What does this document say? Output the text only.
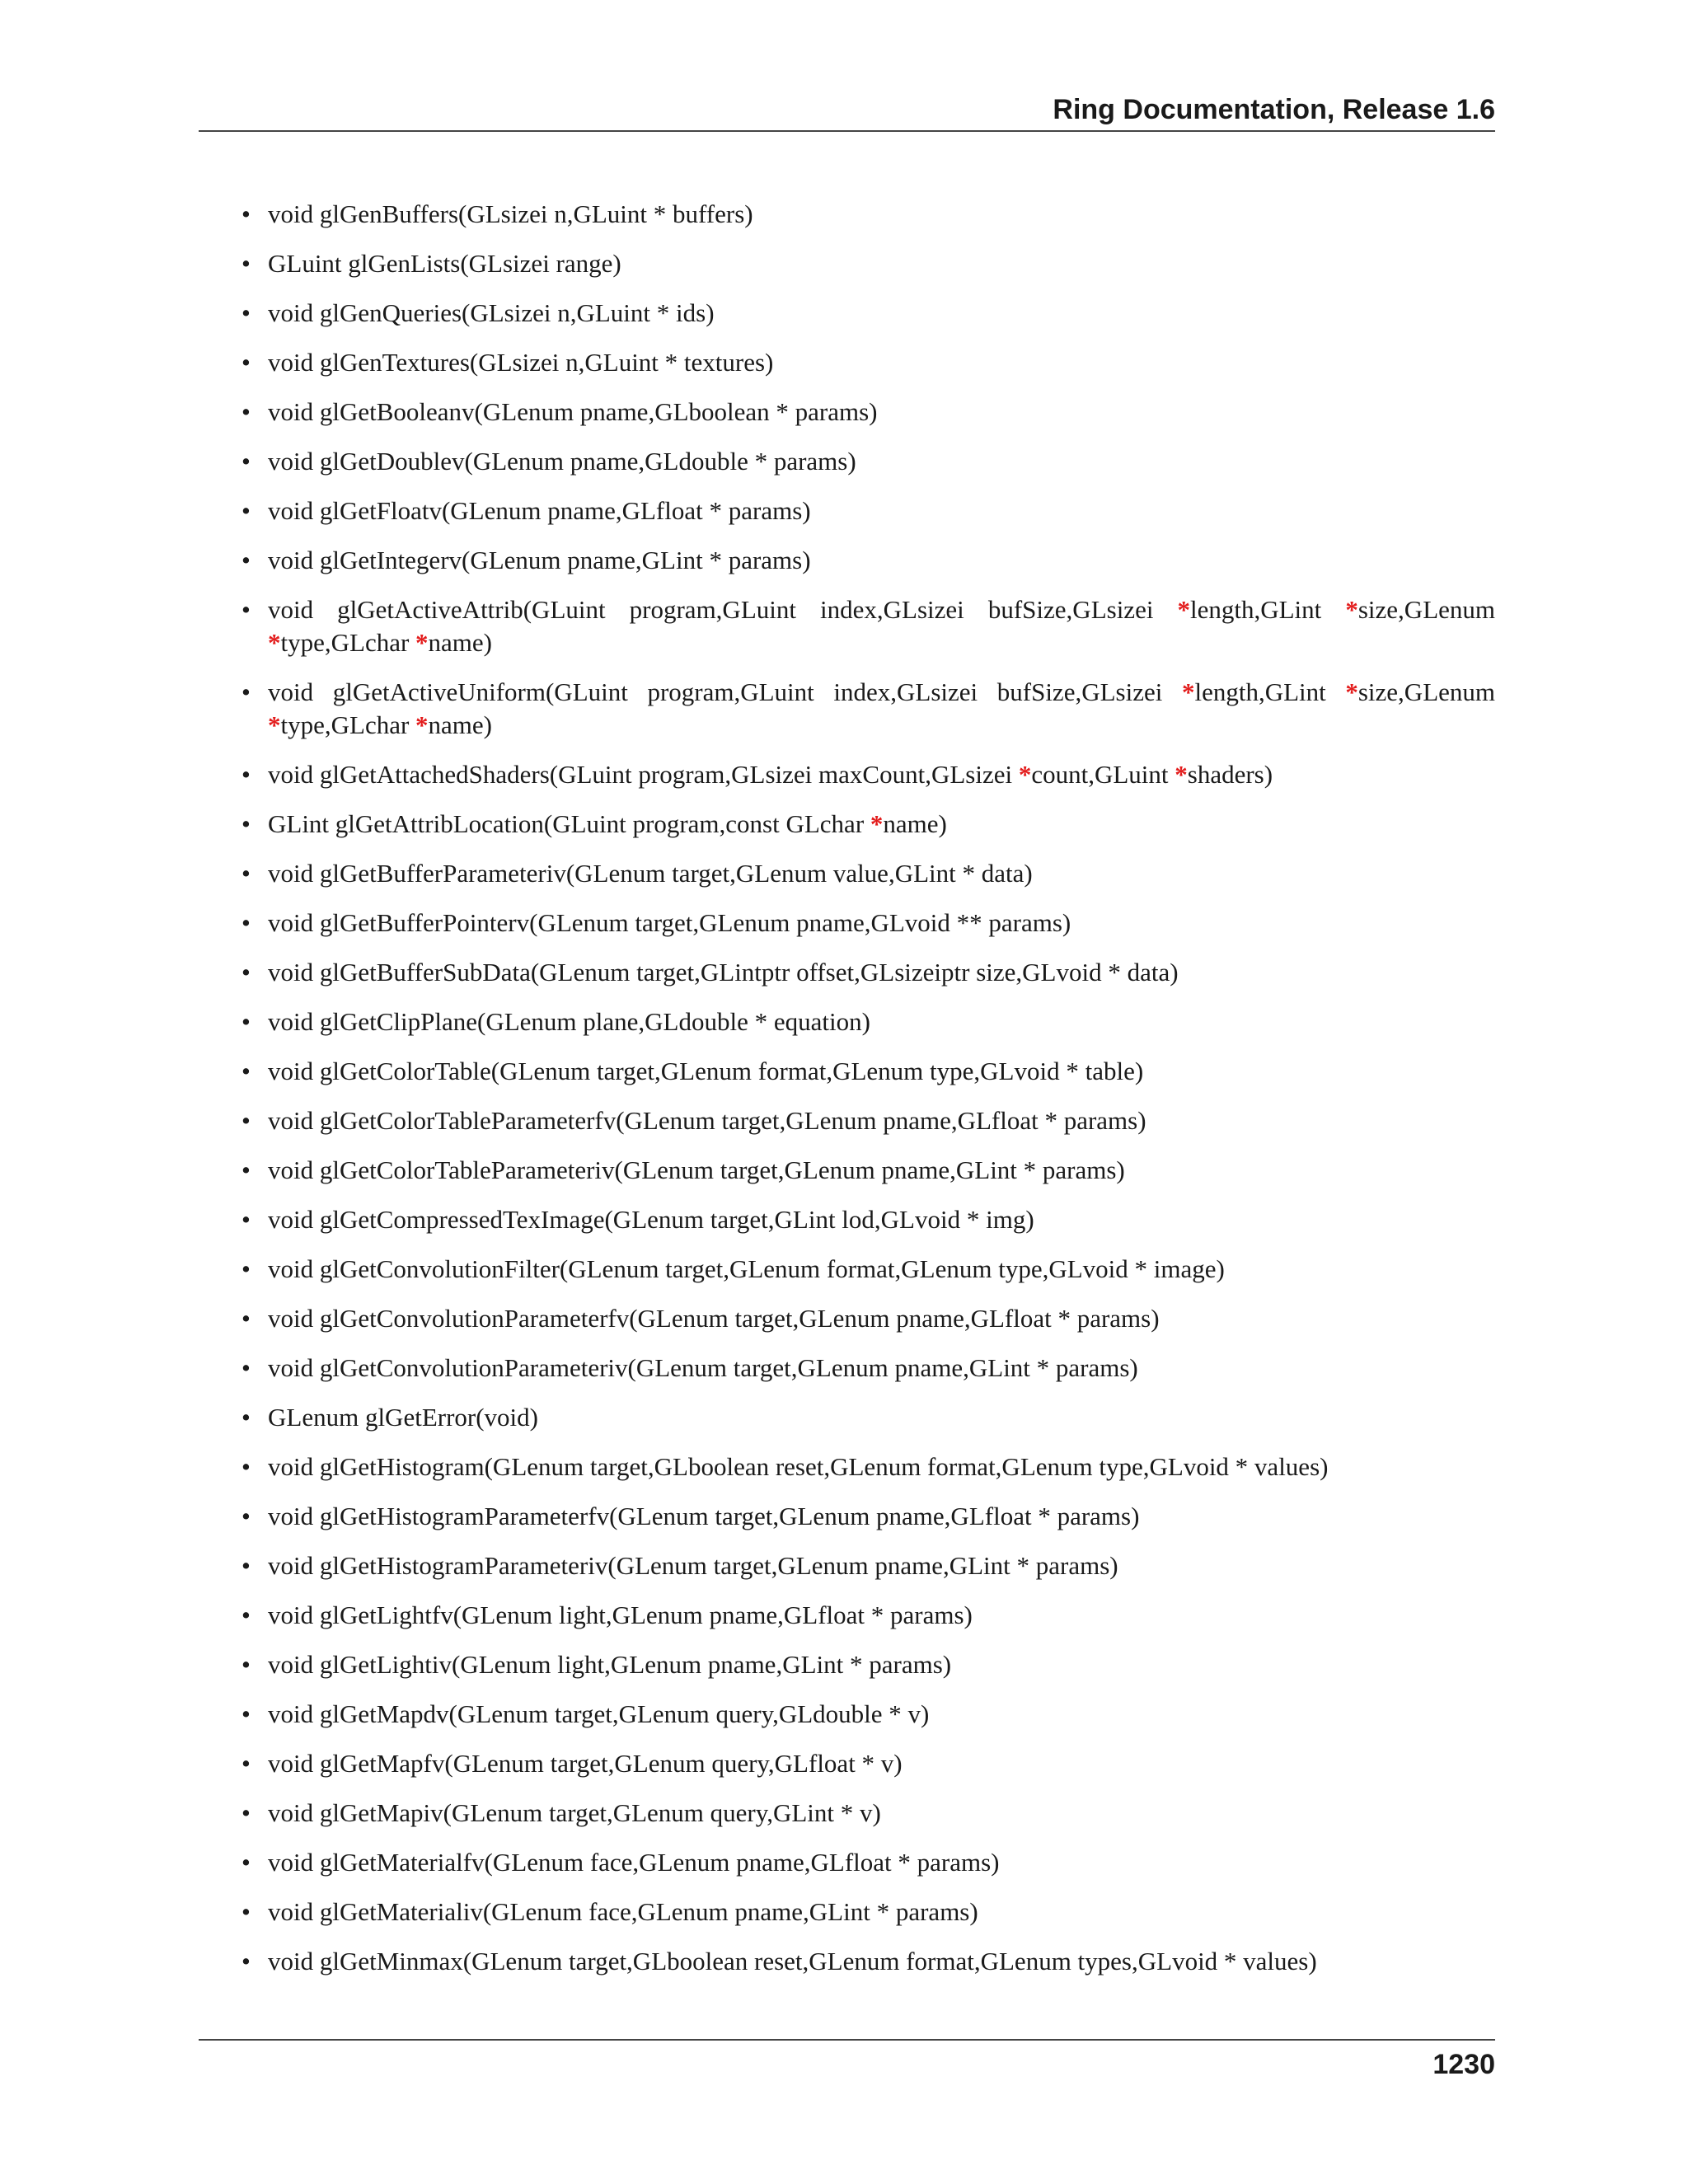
Ring Documentation, Release 1.6
• void glGenBuffers(GLsizei n,GLuint * buffers)
• GLuint glGenLists(GLsizei range)
• void glGenQueries(GLsizei n,GLuint * ids)
• void glGenTextures(GLsizei n,GLuint * textures)
• void glGetBooleanv(GLenum pname,GLboolean * params)
• void glGetDoublev(GLenum pname,GLdouble * params)
• void glGetFloatv(GLenum pname,GLfloat * params)
• void glGetIntegerv(GLenum pname,GLint * params)
• void glGetActiveAttrib(GLuint program,GLuint index,GLsizei bufSize,GLsizei *length,GLint *size,GLenum *type,GLchar *name)
• void glGetActiveUniform(GLuint program,GLuint index,GLsizei bufSize,GLsizei *length,GLint *size,GLenum *type,GLchar *name)
• void glGetAttachedShaders(GLuint program,GLsizei maxCount,GLsizei *count,GLuint *shaders)
• GLint glGetAttribLocation(GLuint program,const GLchar *name)
• void glGetBufferParameteriv(GLenum target,GLenum value,GLint * data)
• void glGetBufferPointerv(GLenum target,GLenum pname,GLvoid ** params)
• void glGetBufferSubData(GLenum target,GLintptr offset,GLsizeiptr size,GLvoid * data)
• void glGetClipPlane(GLenum plane,GLdouble * equation)
• void glGetColorTable(GLenum target,GLenum format,GLenum type,GLvoid * table)
• void glGetColorTableParameterfv(GLenum target,GLenum pname,GLfloat * params)
• void glGetColorTableParameteriv(GLenum target,GLenum pname,GLint * params)
• void glGetCompressedTexImage(GLenum target,GLint lod,GLvoid * img)
• void glGetConvolutionFilter(GLenum target,GLenum format,GLenum type,GLvoid * image)
• void glGetConvolutionParameterfv(GLenum target,GLenum pname,GLfloat * params)
• void glGetConvolutionParameteriv(GLenum target,GLenum pname,GLint * params)
• GLenum glGetError(void)
• void glGetHistogram(GLenum target,GLboolean reset,GLenum format,GLenum type,GLvoid * values)
• void glGetHistogramParameterfv(GLenum target,GLenum pname,GLfloat * params)
• void glGetHistogramParameteriv(GLenum target,GLenum pname,GLint * params)
• void glGetLightfv(GLenum light,GLenum pname,GLfloat * params)
• void glGetLightiv(GLenum light,GLenum pname,GLint * params)
• void glGetMapdv(GLenum target,GLenum query,GLdouble * v)
• void glGetMapfv(GLenum target,GLenum query,GLfloat * v)
• void glGetMapiv(GLenum target,GLenum query,GLint * v)
• void glGetMaterialfv(GLenum face,GLenum pname,GLfloat * params)
• void glGetMaterialiv(GLenum face,GLenum pname,GLint * params)
• void glGetMinmax(GLenum target,GLboolean reset,GLenum format,GLenum types,GLvoid * values)
1230
